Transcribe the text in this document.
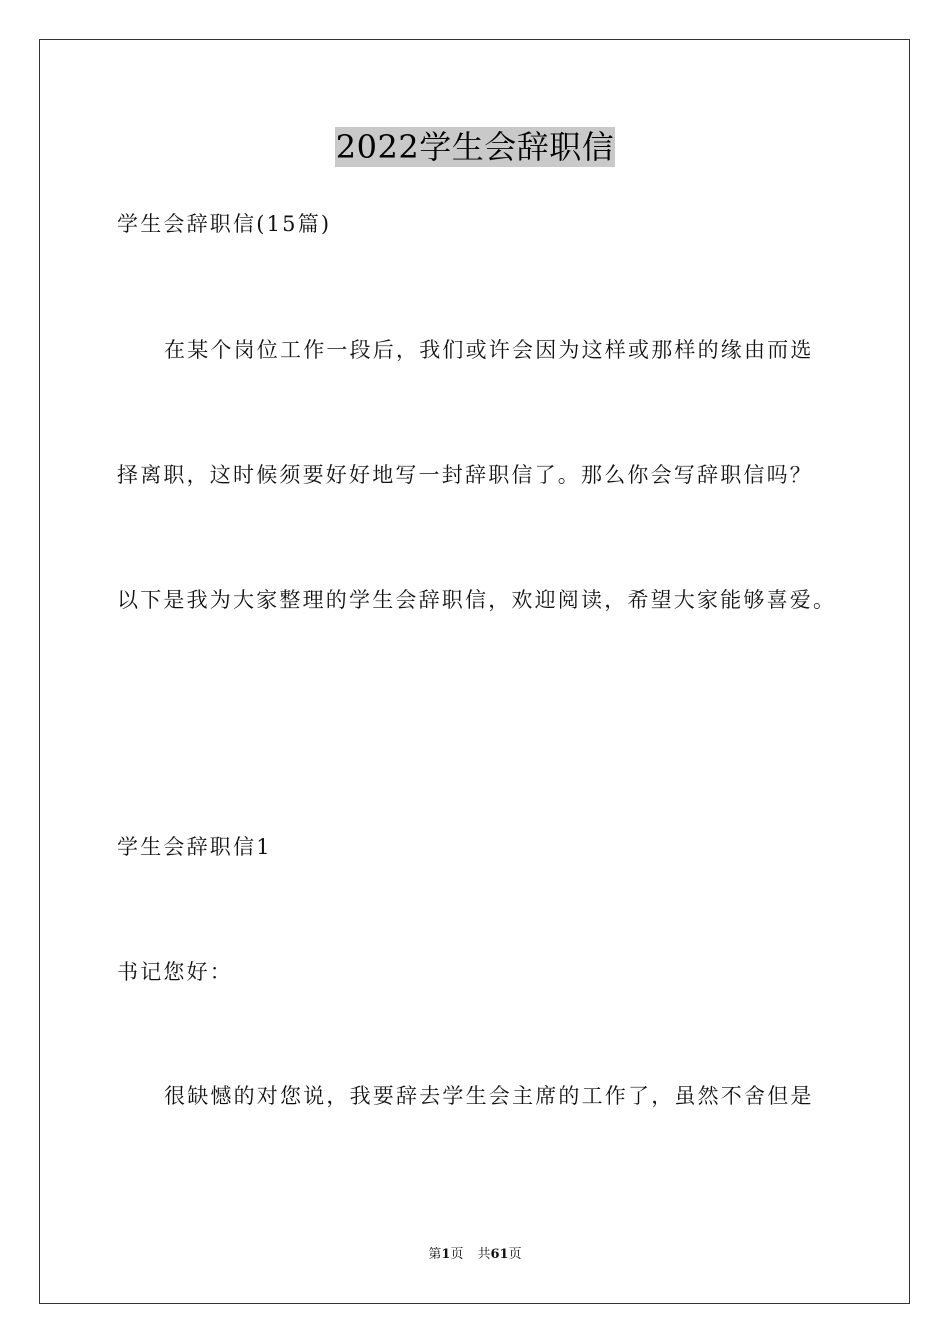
2022学生会辞职信
学生会辞职信(15篇)
在某个岗位工作一段后，我们或许会因为这样或那样的缘由而选
择离职，这时候须要好好地写一封辞职信了。那么你会写辞职信吗？
以下是我为大家整理的学生会辞职信，欢迎阅读，希望大家能够喜爱。
学生会辞职信1
书记您好：
很缺憾的对您说，我要辞去学生会主席的工作了，虽然不舍但是
第1页 共61页
